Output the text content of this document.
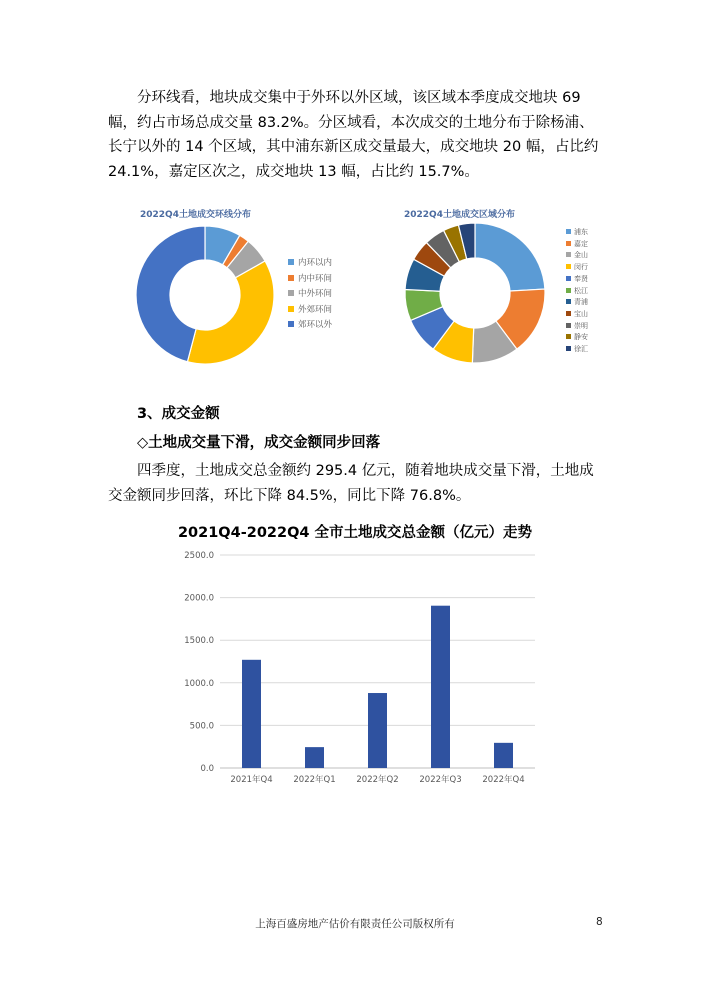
分环线看，地块成交集中于外环以外区域，该区域本季度成交地块 69 幅，约占市场总成交量 83.2%。分区域看，本次成交的土地分布于除杨浦、长宁以外的 14 个区域，其中浦东新区成交量最大，成交地块 20 幅，占比约 24.1%，嘉定区次之，成交地块 13 幅，占比约 15.7%。

2022Q4土地成交环线分布
内环以内
内中环间
中外环间
外郊环间
郊环以外
2022Q4土地成交区域分布
浦东
嘉定
金山
闵行
奉贤
松江
青浦
宝山
崇明
静安
徐汇
3、成交金额
◇土地成交量下滑，成交金额同步回落

四季度，土地成交总金额约 295.4 亿元，随着地块成交量下滑，土地成交金额同步回落，环比下降 84.5%，同比下降 76.8%。

2021Q4-2022Q4 全市土地成交总金额（亿元）走势
0.0
500.0
1000.0
1500.0
2000.0
2500.0
2021年Q4 2022年Q1 2022年Q2 2022年Q3 2022年Q4
上海百盛房地产估价有限责任公司版权所有	8
